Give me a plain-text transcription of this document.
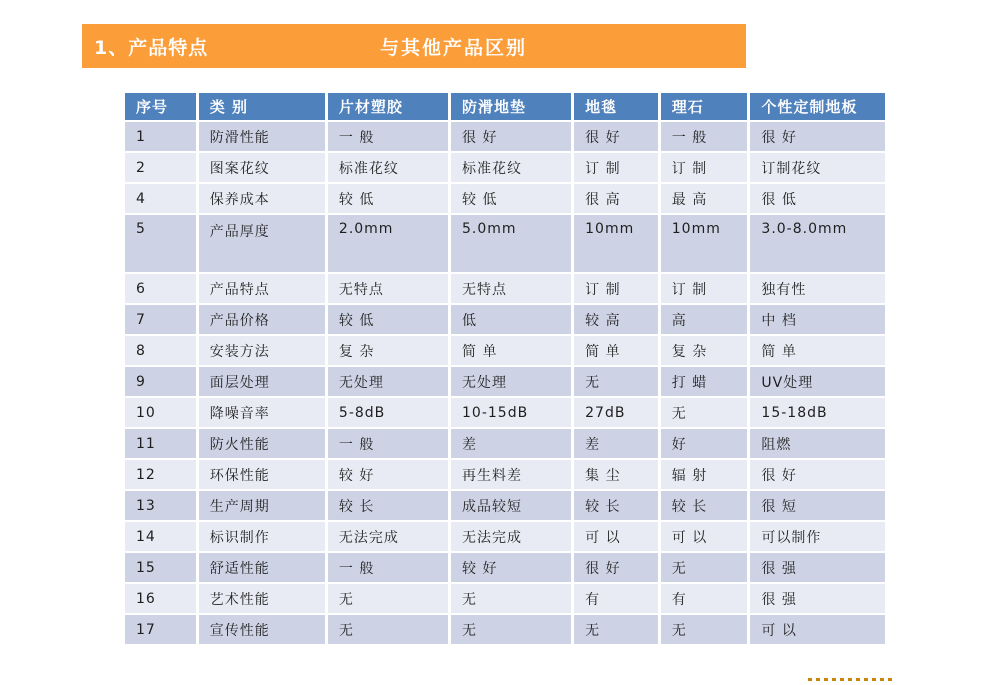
1、产品特点	与其他产品区别
序号	类 别	片材塑胶	防滑地垫	地毯	理石	个性定制地板
1	防滑性能	一 般	很 好	很 好	一 般	很 好
2	图案花纹	标准花纹	标准花纹	订 制	订 制	订制花纹
4	保养成本	较 低	较 低	很 高	最 高	很 低
5	产品厚度	2.0mm	5.0mm	10mm	10mm	3.0-8.0mm
6	产品特点	无特点	无特点	订 制	订 制	独有性
7	产品价格	较 低	低	较 高	高	中 档
8	安装方法	复 杂	简 单	简 单	复 杂	简 单
9	面层处理	无处理	无处理	无	打 蜡	UV处理
10	降噪音率	5-8dB	10-15dB	27dB	无	15-18dB
11	防火性能	一 般	差	差	好	阻燃
12	环保性能	较 好	再生料差	集 尘	辐 射	很 好
13	生产周期	较 长	成品较短	较 长	较 长	很 短
14	标识制作	无法完成	无法完成	可 以	可 以	可以制作
15	舒适性能	一 般	较 好	很 好	无	很 强
16	艺术性能	无	无	有	有	很 强
17	宣传性能	无	无	无	无	可 以
